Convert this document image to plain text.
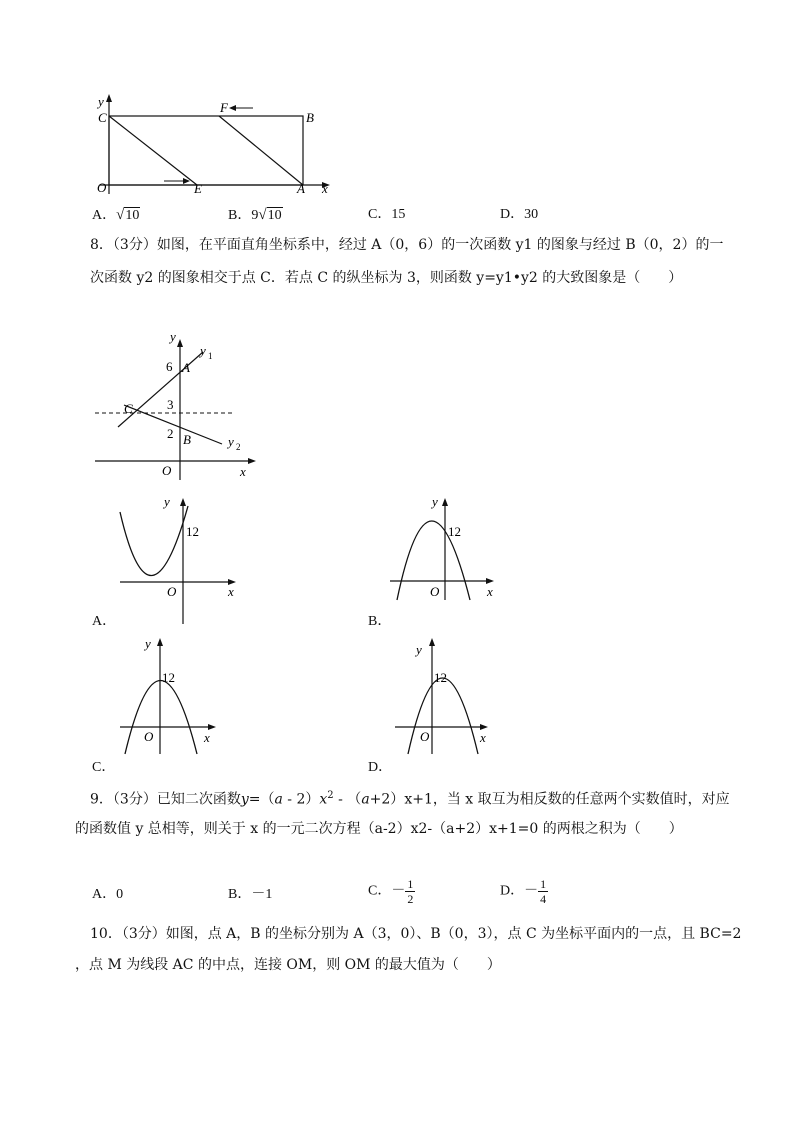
y
C
F
B
O	E	A x
A．√10	B．9√10	C．15	D．30
8．（3分）如图，在平面直角坐标系中，经过 A（0，6）的一次函数 y1 的图象与经过 B（0，2）的一
次函数 y2 的图象相交于点 C．若点 C 的纵坐标为 3，则函数 y=y1•y2 的大致图象是（　　）
y
y 1
6 A
C	3
2 B	y 2
O	x
y
12
O	x
A．
y
12
O	x
B．
y
12
O	x
C．
y
12
O	x
D．
9．（3分）已知二次函数$y=(a - 2)x^2 - (a+2)x+1$，当 x 取互为相反数的任意两个实数值时，对应
的函数值 y 总相等，则关于 x 的一元二次方程（a-2）x2-（a+2）x+1=0 的两根之积为（　　）
A．0	B．－1	C．－ $\frac{1}{2}$	D．－ $\frac{1}{4}$
10．（3分）如图，点 A，B 的坐标分别为 A（3，0）、B（0，3），点 C 为坐标平面内的一点，且 BC=2
，点 M 为线段 AC 的中点，连接 OM，则 OM 的最大值为（　　）
